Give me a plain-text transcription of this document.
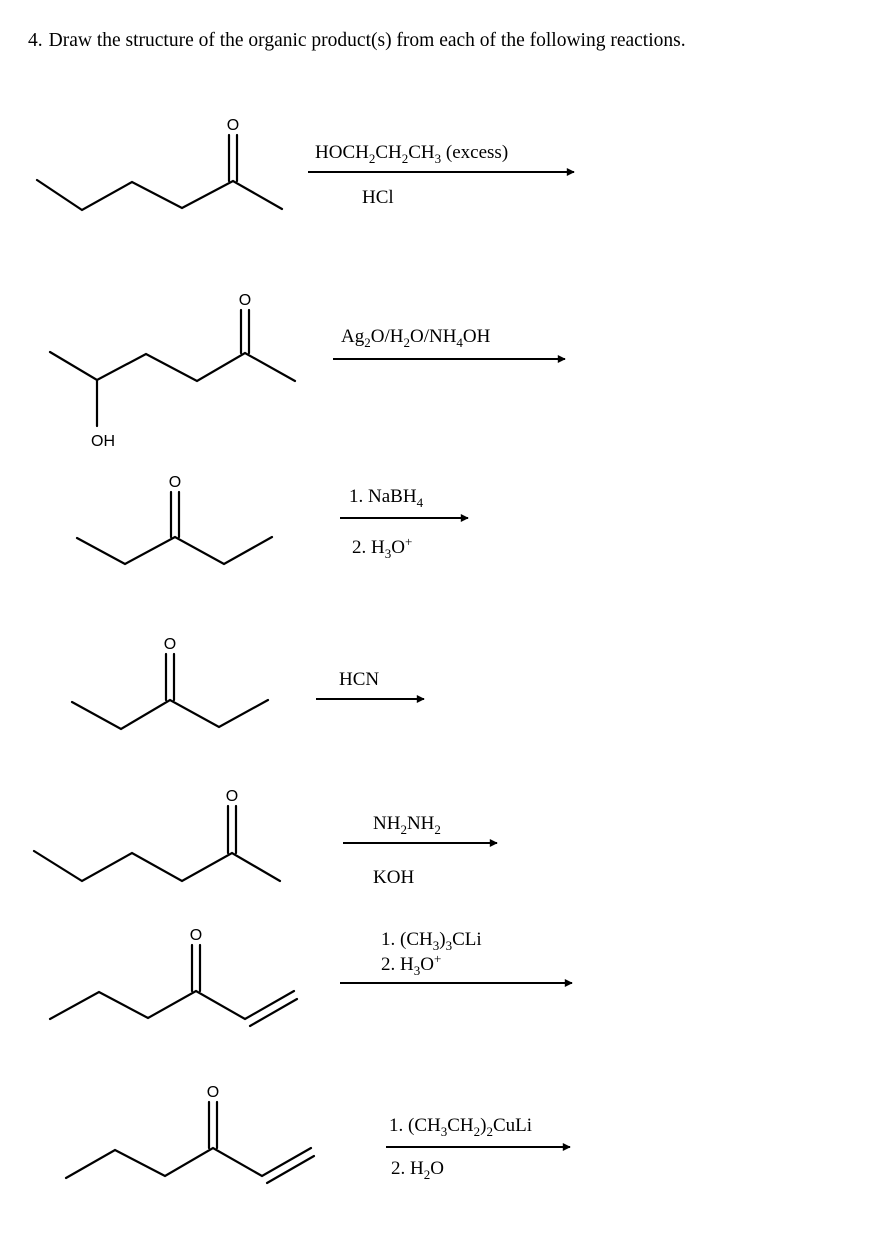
4. Draw the structure of the organic product(s) from each of the following reactions.
O
$HOCH_2CH_2CH_3$ (excess)
HCl
O
OH
$Ag_2O/H_2O/NH_4OH$
O
1. NaBH$_4$
2. $H_3O^+$
O
HCN
O
$NH_2NH_2$
KOH
O	1. $(CH_3)_3CLi$
2. $H_3O^+$
O
1. $(CH_3CH_2)_2CuLi$
2. $H_2O$
